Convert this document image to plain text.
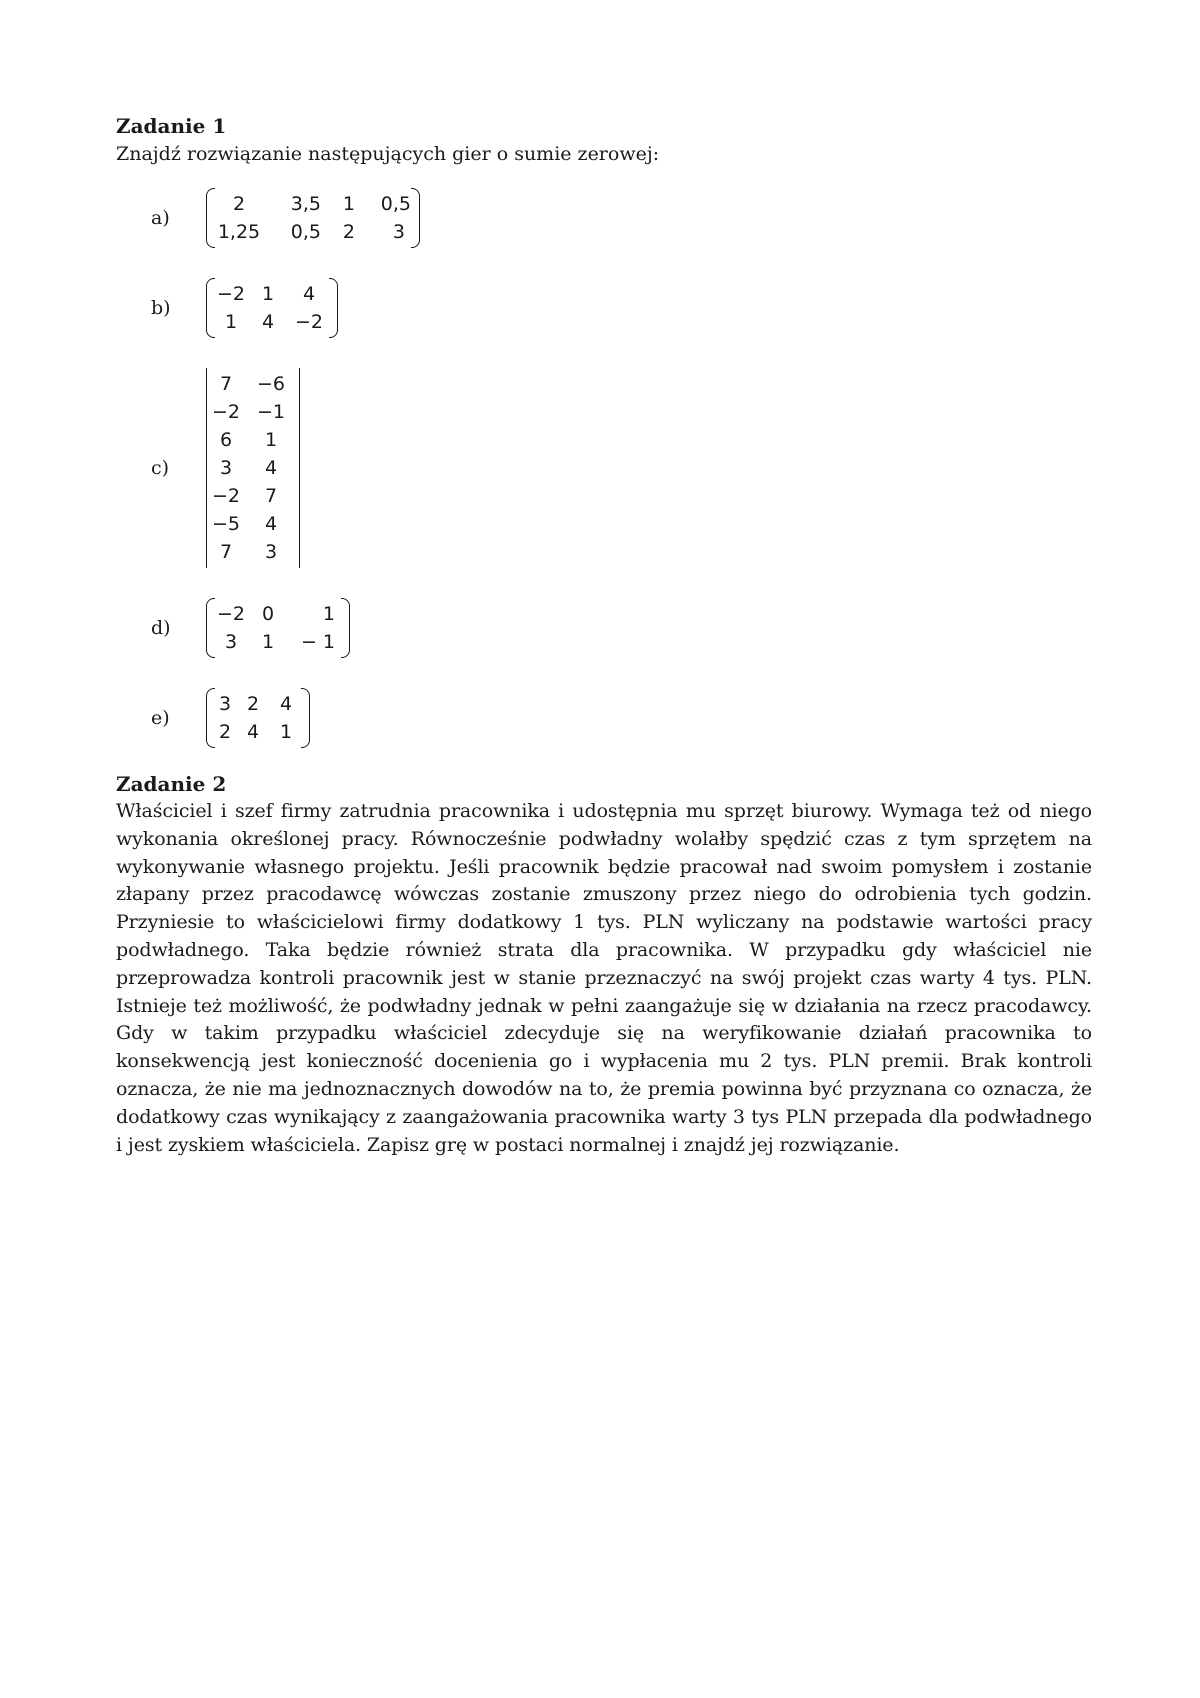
Zadanie 1

Znajdź rozwiązanie następujących gier o sumie zerowej:

a)
2	3,5	1	0,5
1,25	0,5	2	3
b)
−2	1	4
1	4	−2
c)
7	−6
−2	−1
6	1
3	4
−2	7
−5	4
7	3
d)
−2	0	1
3	1	− 1
e)
3	2	4
2	4	1
Zadanie 2

Właściciel i szef firmy zatrudnia pracownika i udostępnia mu sprzęt biurowy. Wymaga też od niego wykonania określonej pracy. Równocześnie podwładny wolałby spędzić czas z tym sprzętem na wykonywanie własnego projektu. Jeśli pracownik będzie pracował nad swoim pomysłem i zostanie złapany przez pracodawcę wówczas zostanie zmuszony przez niego do odrobienia tych godzin. Przyniesie to właścicielowi firmy dodatkowy 1 tys. PLN wyliczany na podstawie wartości pracy podwładnego. Taka będzie również strata dla pracownika. W przypadku gdy właściciel nie przeprowadza kontroli pracownik jest w stanie przeznaczyć na swój projekt czas warty 4 tys. PLN. Istnieje też możliwość, że podwładny jednak w pełni zaangażuje się w działania na rzecz pracodawcy. Gdy w takim przypadku właściciel zdecyduje się na weryfikowanie działań pracownika to konsekwencją jest konieczność docenienia go i wypłacenia mu 2 tys. PLN premii. Brak kontroli oznacza, że nie ma jednoznacznych dowodów na to, że premia powinna być przyznana co oznacza, że dodatkowy czas wynikający z zaangażowania pracownika warty 3 tys PLN przepada dla podwładnego i jest zyskiem właściciela. Zapisz grę w postaci normalnej i znajdź jej rozwiązanie.
